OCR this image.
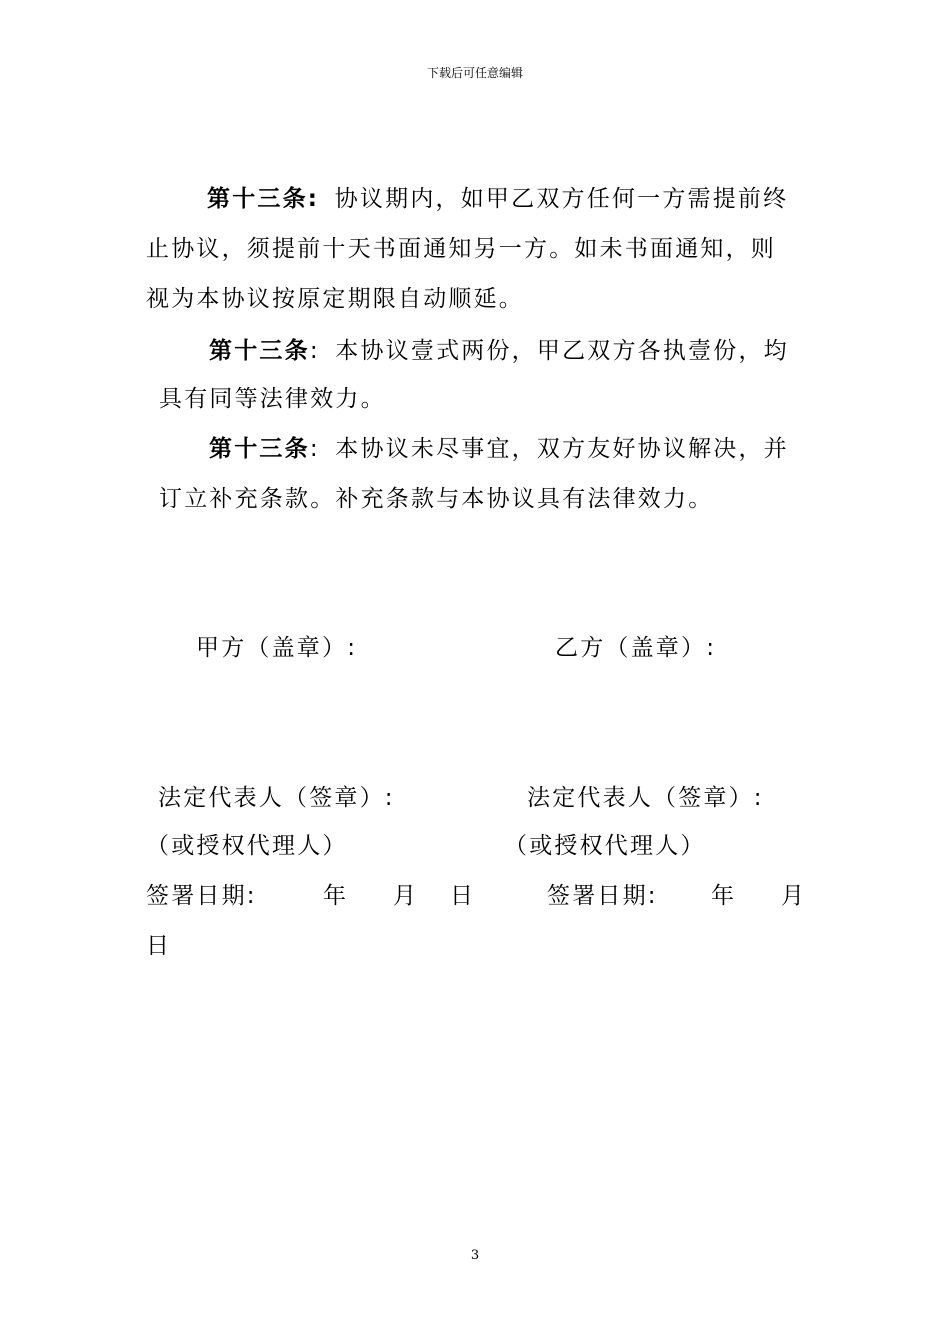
下载后可任意编辑
第十三条: 协议期内，如甲乙双方任何一方需提前终
止协议，须提前十天书面通知另一方。如未书面通知，则
视为本协议按原定期限自动顺延。
第十三条: 本协议壹式两份，甲乙双方各执壹份，均
具有同等法律效力。
第十三条: 本协议未尽事宜，双方友好协议解决，并
订立补充条款。补充条款与本协议具有法律效力。
甲方（盖章）:	乙方（盖章）:
法定代表人（签章）:	法定代表人（签章）:
（或授权代理人）	（或授权代理人）
签署日期:	年 月 日	签署日期: 年 月
日
3
